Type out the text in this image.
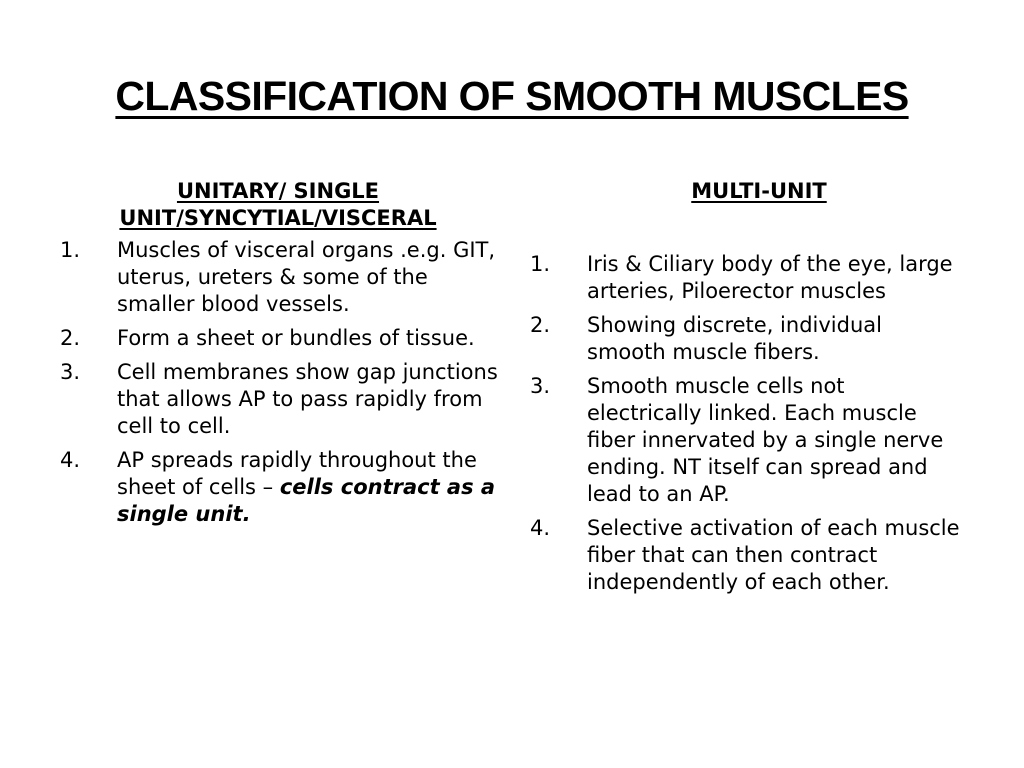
CLASSIFICATION OF SMOOTH MUSCLES
UNITARY/ SINGLE
UNIT/SYNCYTIAL/VISCERAL
1. Muscles of visceral organs .e.g. GIT, uterus, ureters & some of the smaller blood vessels.
2. Form a sheet or bundles of tissue.
3. Cell membranes show gap junctions that allows AP to pass rapidly from cell to cell.
4. AP spreads rapidly throughout the sheet of cells – cells contract as a single unit.
MULTI-UNIT
1. Iris & Ciliary body of the eye, large arteries, Piloerector muscles
2. Showing discrete, individual smooth muscle fibers.
3. Smooth muscle cells not electrically linked. Each muscle fiber innervated by a single nerve ending. NT itself can spread and lead to an AP.
4. Selective activation of each muscle fiber that can then contract independently of each other.
